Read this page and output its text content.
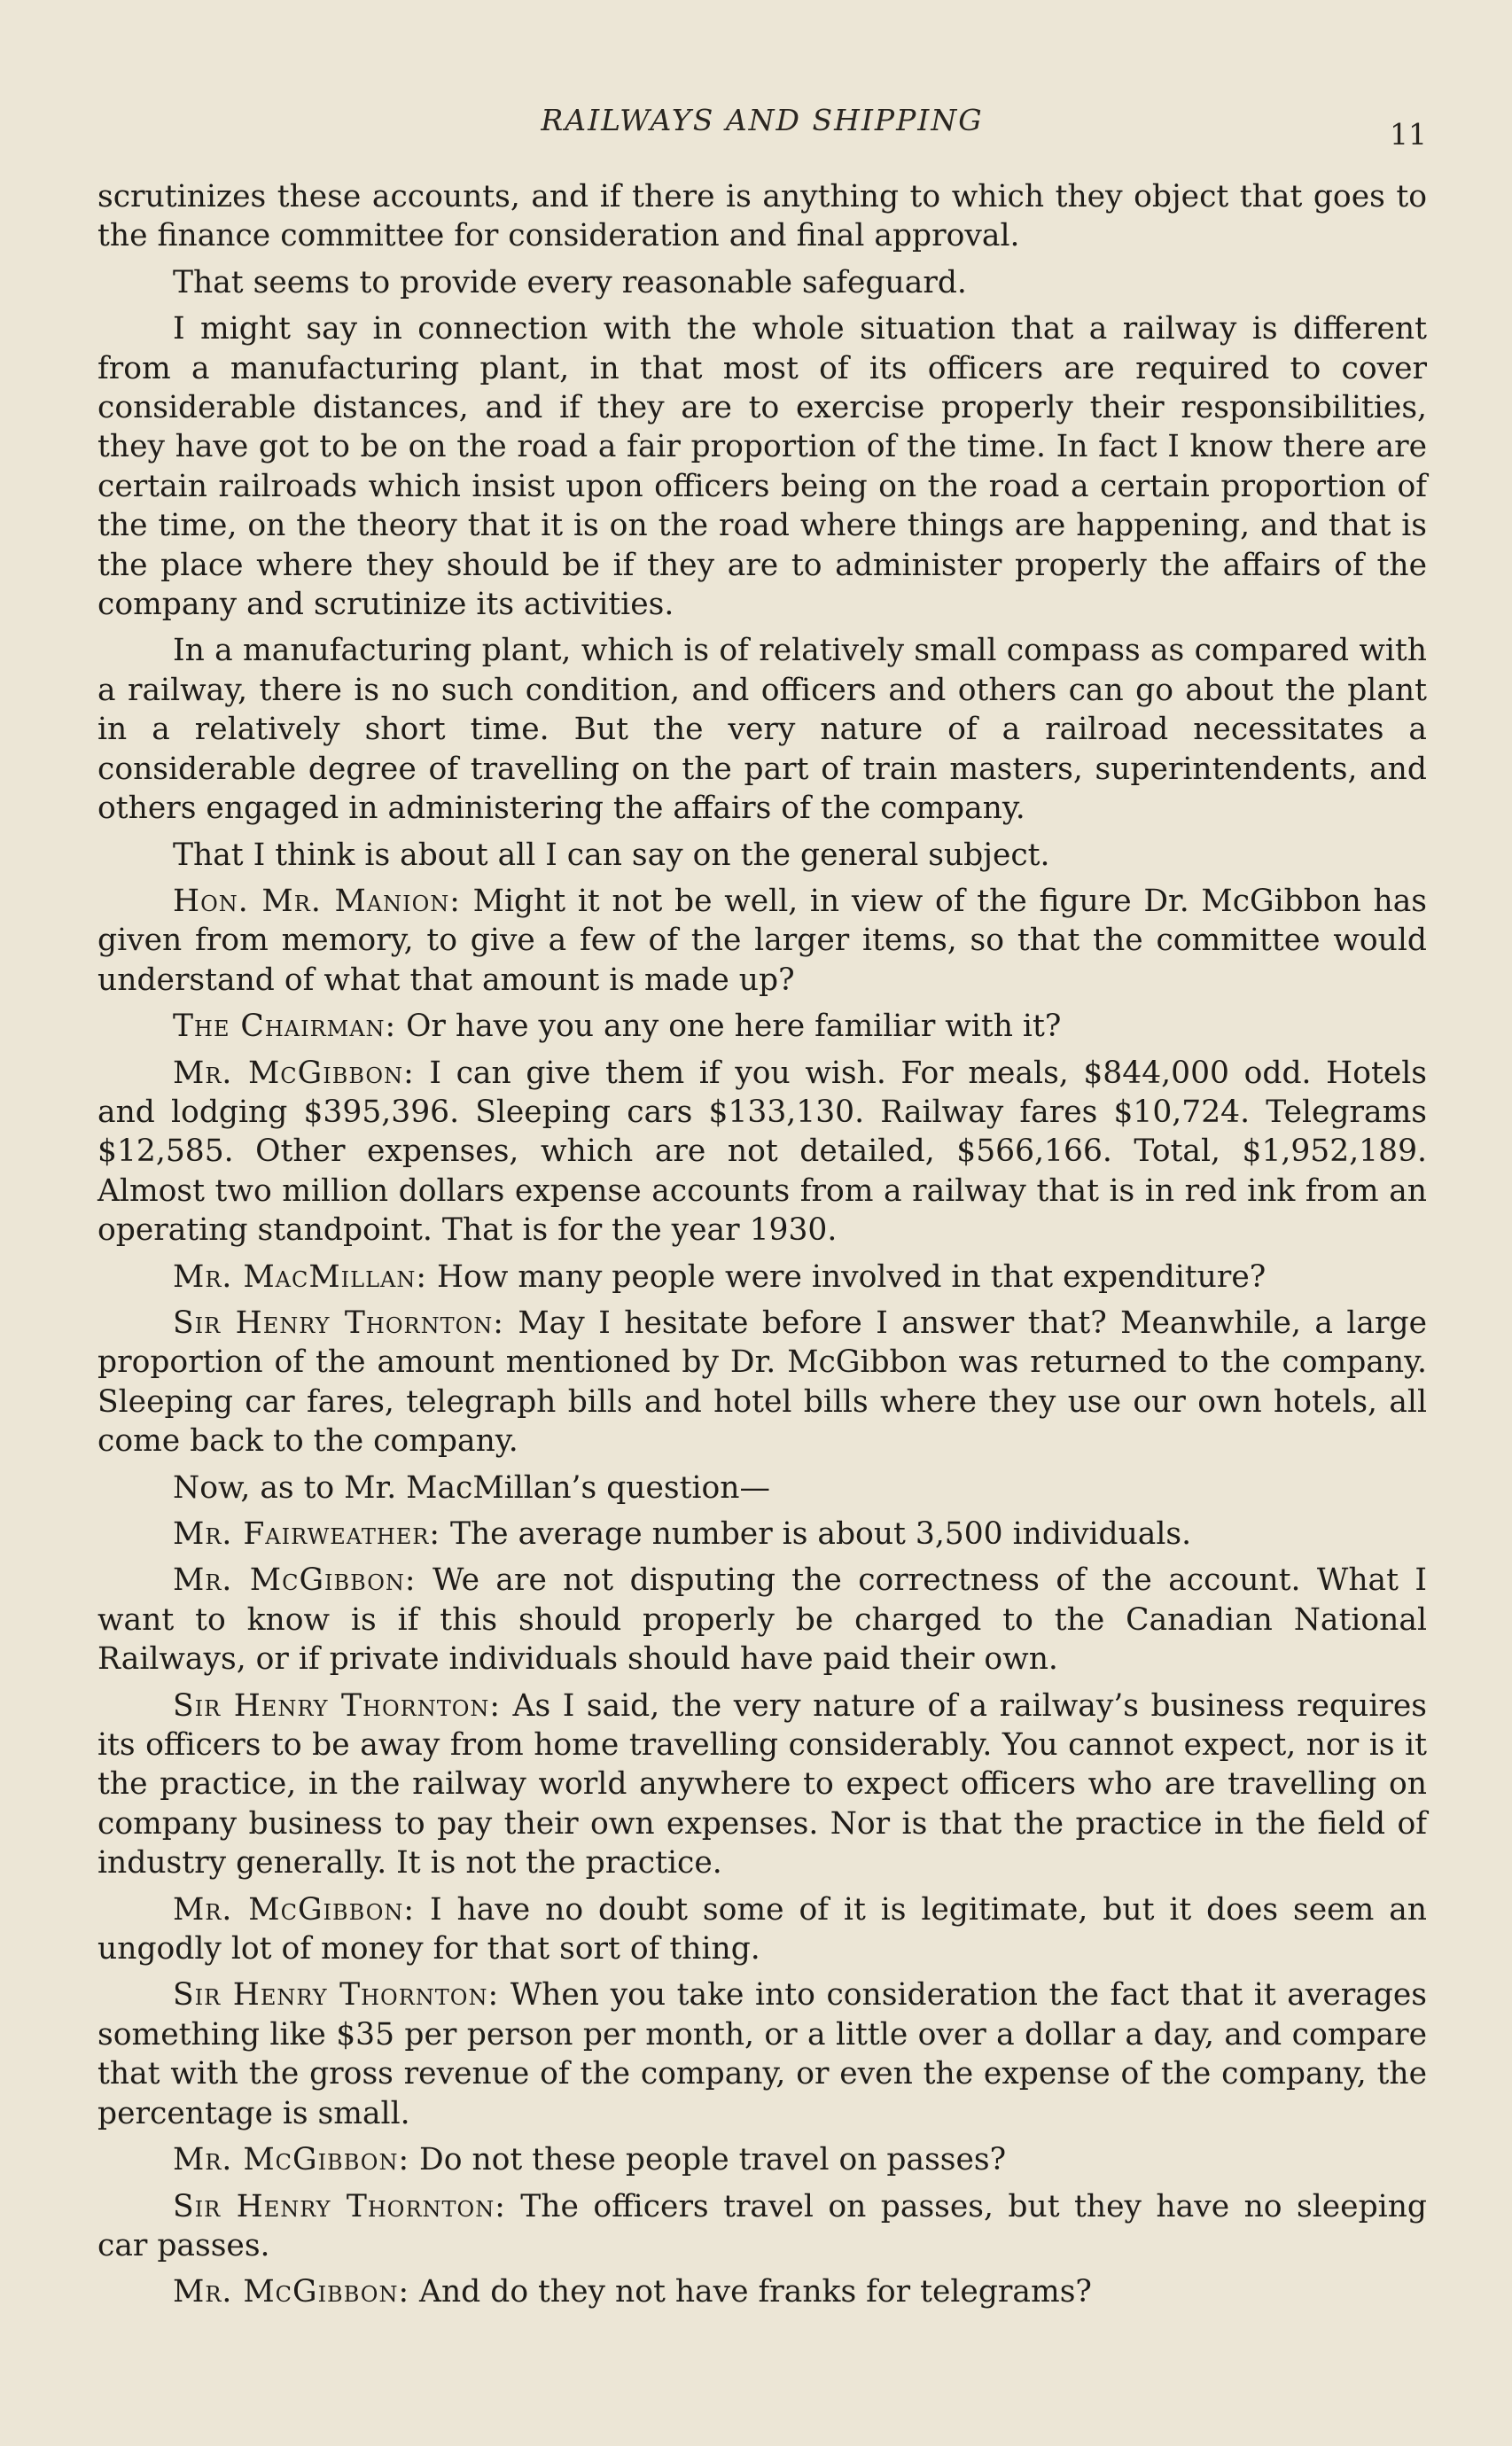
RAILWAYS AND SHIPPING	11

scrutinizes these accounts, and if there is anything to which they object that goes to the finance committee for consideration and final approval.

That seems to provide every reasonable safeguard.

I might say in connection with the whole situation that a railway is different from a manufacturing plant, in that most of its officers are required to cover considerable distances, and if they are to exercise properly their responsibilities, they have got to be on the road a fair proportion of the time. In fact I know there are certain railroads which insist upon officers being on the road a certain proportion of the time, on the theory that it is on the road where things are happening, and that is the place where they should be if they are to administer properly the affairs of the company and scrutinize its activities.

In a manufacturing plant, which is of relatively small compass as compared with a railway, there is no such condition, and officers and others can go about the plant in a relatively short time. But the very nature of a railroad necessitates a considerable degree of travelling on the part of train masters, superintendents, and others engaged in administering the affairs of the company.

That I think is about all I can say on the general subject.

Hon. Mr. Manion: Might it not be well, in view of the figure Dr. McGibbon has given from memory, to give a few of the larger items, so that the committee would understand of what that amount is made up?

The Chairman: Or have you any one here familiar with it?

Mr. McGibbon: I can give them if you wish. For meals, $844,000 odd. Hotels and lodging $395,396. Sleeping cars $133,130. Railway fares $10,724. Telegrams $12,585. Other expenses, which are not detailed, $566,166. Total, $1,952,189. Almost two million dollars expense accounts from a railway that is in red ink from an operating standpoint. That is for the year 1930.

Mr. MacMillan: How many people were involved in that expenditure?

Sir Henry Thornton: May I hesitate before I answer that? Meanwhile, a large proportion of the amount mentioned by Dr. McGibbon was returned to the company. Sleeping car fares, telegraph bills and hotel bills where they use our own hotels, all come back to the company.

Now, as to Mr. MacMillan’s question—

Mr. Fairweather: The average number is about 3,500 individuals.

Mr. McGibbon: We are not disputing the correctness of the account. What I want to know is if this should properly be charged to the Canadian National Railways, or if private individuals should have paid their own.

Sir Henry Thornton: As I said, the very nature of a railway’s business requires its officers to be away from home travelling considerably. You cannot expect, nor is it the practice, in the railway world anywhere to expect officers who are travelling on company business to pay their own expenses. Nor is that the practice in the field of industry generally. It is not the practice.

Mr. McGibbon: I have no doubt some of it is legitimate, but it does seem an ungodly lot of money for that sort of thing.

Sir Henry Thornton: When you take into consideration the fact that it averages something like $35 per person per month, or a little over a dollar a day, and compare that with the gross revenue of the company, or even the expense of the company, the percentage is small.

Mr. McGibbon: Do not these people travel on passes?

Sir Henry Thornton: The officers travel on passes, but they have no sleeping car passes.

Mr. McGibbon: And do they not have franks for telegrams?
